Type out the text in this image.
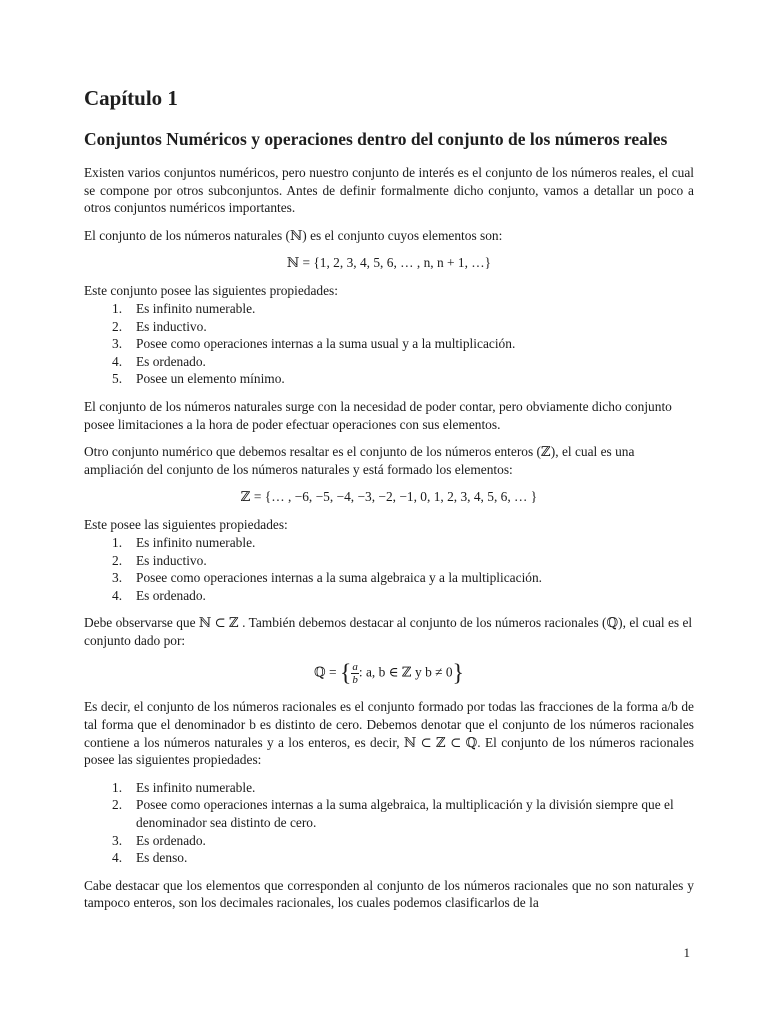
Capítulo 1
Conjuntos Numéricos y operaciones dentro del conjunto de los números reales

Existen varios conjuntos numéricos, pero nuestro conjunto de interés es el conjunto de los números reales, el cual se compone por otros subconjuntos. Antes de definir formalmente dicho conjunto, vamos a detallar un poco a otros conjuntos numéricos importantes.

El conjunto de los números naturales (ℕ) es el conjunto cuyos elementos son:

ℕ = {1, 2, 3, 4, 5, 6, … , n, n + 1, …}

Este conjunto posee las siguientes propiedades:

1. Es infinito numerable.
2. Es inductivo.
3. Posee como operaciones internas a la suma usual y a la multiplicación.
4. Es ordenado.
5. Posee un elemento mínimo.

El conjunto de los números naturales surge con la necesidad de poder contar, pero obviamente dicho conjunto posee limitaciones a la hora de poder efectuar operaciones con sus elementos.

Otro conjunto numérico que debemos resaltar es el conjunto de los números enteros (ℤ), el cual es una ampliación del conjunto de los números naturales y está formado los elementos:

ℤ = {… , −6, −5, −4, −3, −2, −1, 0, 1, 2, 3, 4, 5, 6, … }

Este posee las siguientes propiedades:

1. Es infinito numerable.
2. Es inductivo.
3. Posee como operaciones internas a la suma algebraica y a la multiplicación.
4. Es ordenado.

Debe observarse que ℕ ⊂ ℤ . También debemos destacar al conjunto de los números racionales (ℚ), el cual es el conjunto dado por:

ℚ = { $\frac{a}{b}$ : a, b ∈ ℤ y b ≠ 0}

Es decir, el conjunto de los números racionales es el conjunto formado por todas las fracciones de la forma a/b de tal forma que el denominador b es distinto de cero. Debemos denotar que el conjunto de los números racionales contiene a los números naturales y a los enteros, es decir, ℕ ⊂ ℤ ⊂ ℚ. El conjunto de los números racionales posee las siguientes propiedades:

1. Es infinito numerable.
2. Posee como operaciones internas a la suma algebraica, la multiplicación y la división siempre que el denominador sea distinto de cero.
3. Es ordenado.
4. Es denso.

Cabe destacar que los elementos que corresponden al conjunto de los números racionales que no son naturales y tampoco enteros, son los decimales racionales, los cuales podemos clasificarlos de la

1
